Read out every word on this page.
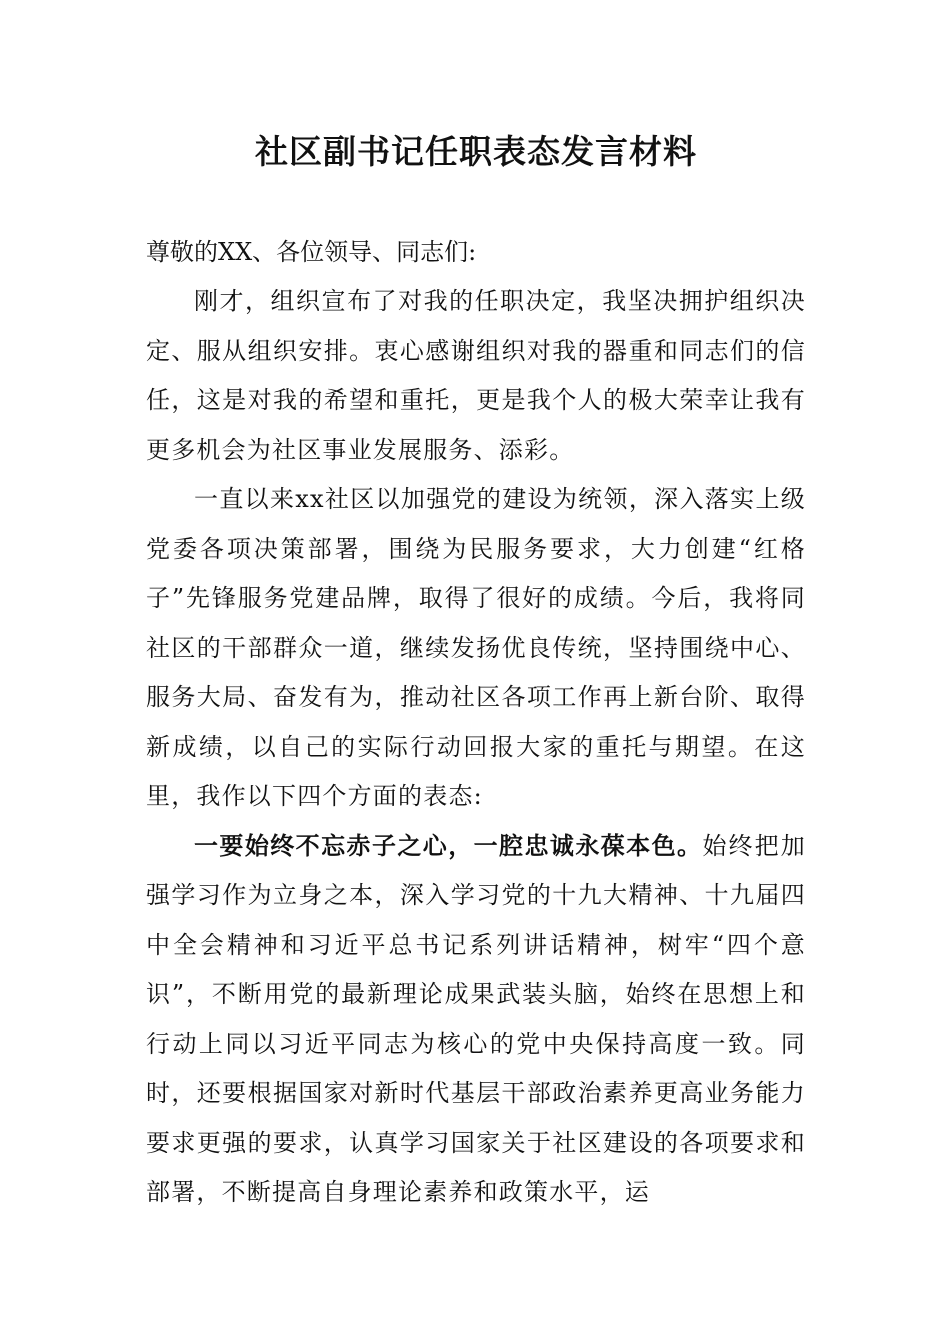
社区副书记任职表态发言材料

尊敬的XX、各位领导、同志们:

刚才，组织宣布了对我的任职决定，我坚决拥护组织决定、服从组织安排。衷心感谢组织对我的器重和同志们的信任，这是对我的希望和重托，更是我个人的极大荣幸让我有更多机会为社区事业发展服务、添彩。

一直以来xx社区以加强党的建设为统领，深入落实上级党委各项决策部署，围绕为民服务要求，大力创建“红格子”先锋服务党建品牌，取得了很好的成绩。今后，我将同社区的干部群众一道，继续发扬优良传统，坚持围绕中心、服务大局、奋发有为，推动社区各项工作再上新台阶、取得新成绩，以自己的实际行动回报大家的重托与期望。在这里，我作以下四个方面的表态:

一要始终不忘赤子之心，一腔忠诚永葆本色。始终把加强学习作为立身之本，深入学习党的十九大精神、十九届四中全会精神和习近平总书记系列讲话精神，树牢“四个意识”，不断用党的最新理论成果武装头脑，始终在思想上和行动上同以习近平同志为核心的党中央保持高度一致。同时，还要根据国家对新时代基层干部政治素养更高业务能力要求更强的要求，认真学习国家关于社区建设的各项要求和部署，不断提高自身理论素养和政策水平，运
